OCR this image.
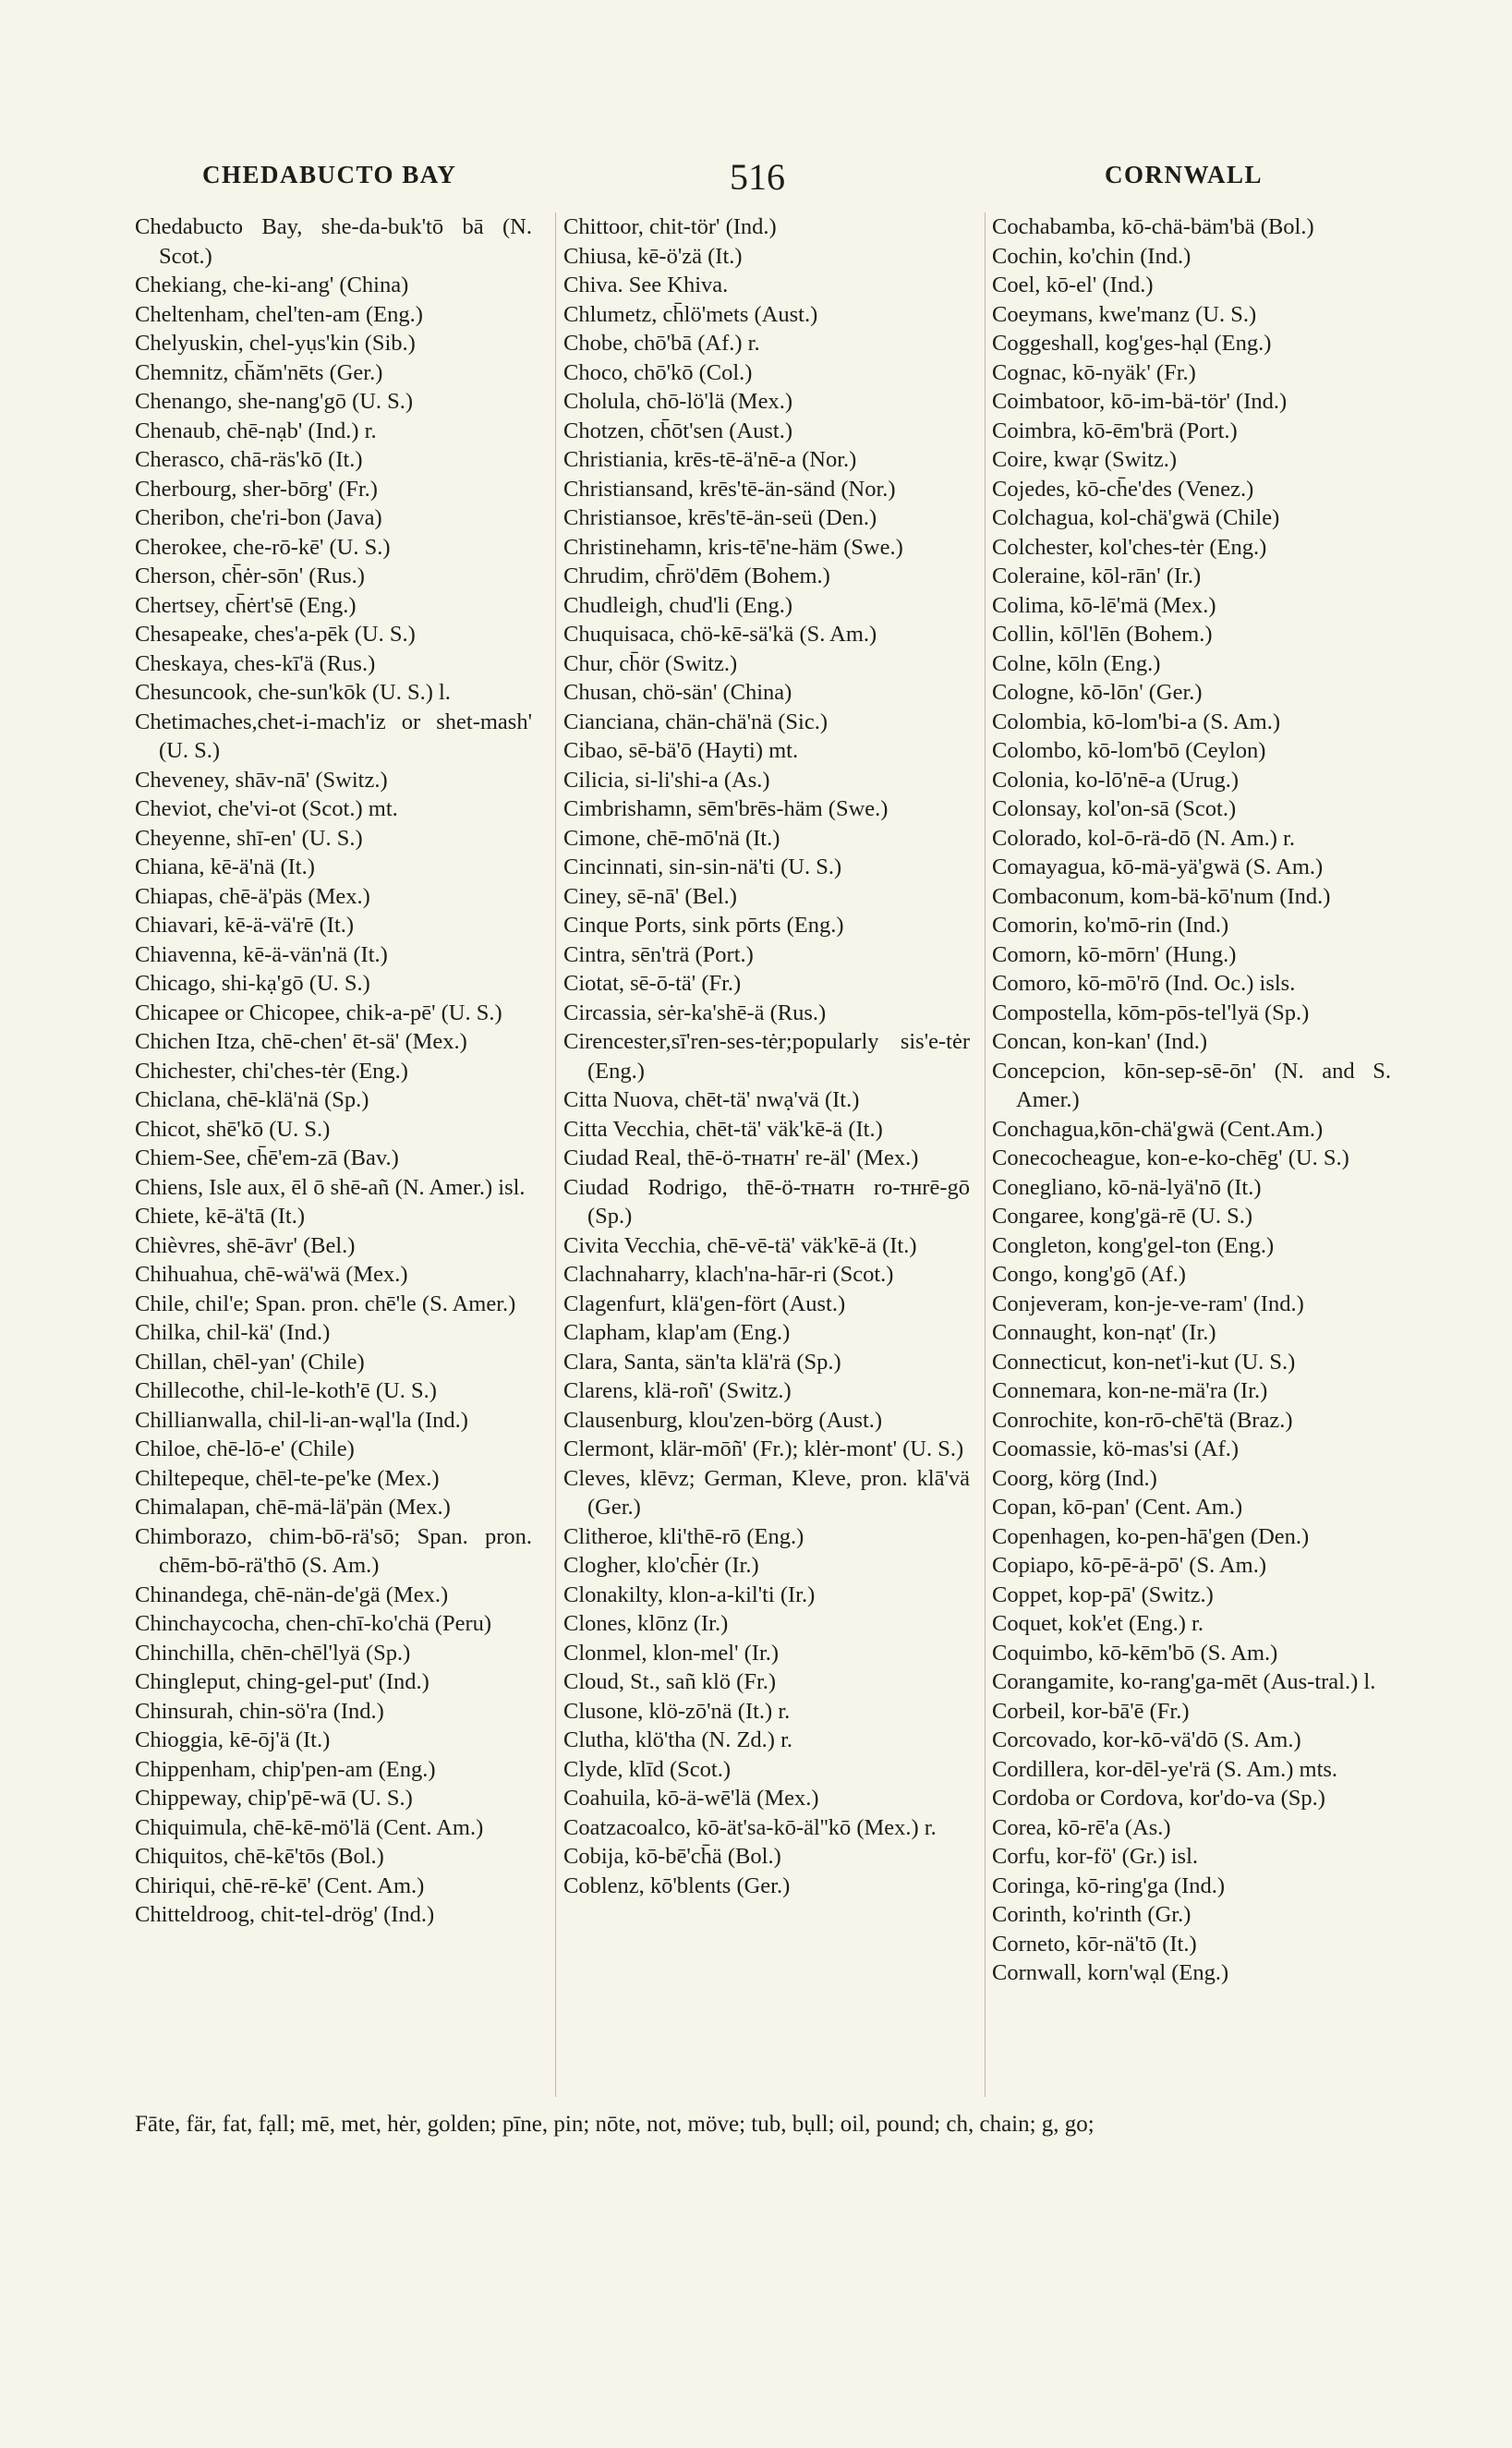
CHEDABUCTO BAY	516	CORNWALL
Chedabucto Bay, she-da-buk'tō bā (N. Scot.)
Chekiang, che-ki-ang' (China)
Cheltenham, chel'ten-am (Eng.)
Chelyuskin, chel-yụs'kin (Sib.)
Chemnitz, ch̄ăm'nēts (Ger.)
Chenango, she-nang'gō (U. S.)
Chenaub, chē-nạb' (Ind.) r.
Cherasco, chā-räs'kō (It.)
Cherbourg, sher-bōrg' (Fr.)
Cheribon, che'ri-bon (Java)
Cherokee, che-rō-kē' (U. S.)
Cherson, ch̄ėr-sōn' (Rus.)
Chertsey, ch̄ėrt'sē (Eng.)
Chesapeake, ches'a-pēk (U. S.)
Cheskaya, ches-kī'ä (Rus.)
Chesuncook, che-sun'kōk (U. S.) l.
Chetimaches,chet-i-mach'iz or shet-mash' (U. S.)
Cheveney, shāv-nā' (Switz.)
Cheviot, che'vi-ot (Scot.) mt.
Cheyenne, shī-en' (U. S.)
Chiana, kē-ä'nä (It.)
Chiapas, chē-ä'päs (Mex.)
Chiavari, kē-ä-vä'rē (It.)
Chiavenna, kē-ä-vän'nä (It.)
Chicago, shi-kạ'gō (U. S.)
Chicapee or Chicopee, chik-a-pē' (U. S.)
Chichen Itza, chē-chen' ēt-sä' (Mex.)
Chichester, chi'ches-tėr (Eng.)
Chiclana, chē-klä'nä (Sp.)
Chicot, shē'kō (U. S.)
Chiem-See, ch̄ē'em-zā (Bav.)
Chiens, Isle aux, ēl ō shē-añ (N. Amer.) isl.
Chiete, kē-ä'tā (It.)
Chièvres, shē-āvr' (Bel.)
Chihuahua, chē-wä'wä (Mex.)
Chile, chil'e; Span. pron. chē'le (S. Amer.)
Chilka, chil-kä' (Ind.)
Chillan, chēl-yan' (Chile)
Chillecothe, chil-le-koth'ē (U. S.)
Chillianwalla, chil-li-an-wạl'la (Ind.)
Chiloe, chē-lō-e' (Chile)
Chiltepeque, chēl-te-pe'ke (Mex.)
Chimalapan, chē-mä-lä'pän (Mex.)
Chimborazo, chim-bō-rä'sō; Span. pron. chēm-bō-rä'thō (S. Am.)
Chinandega, chē-nän-de'gä (Mex.)
Chinchaycocha, chen-chī-ko'chä (Peru)
Chinchilla, chēn-chēl'lyä (Sp.)
Chingleput, ching-gel-put' (Ind.)
Chinsurah, chin-sö'ra (Ind.)
Chioggia, kē-ōj'ä (It.)
Chippenham, chip'pen-am (Eng.)
Chippeway, chip'pē-wā (U. S.)
Chiquimula, chē-kē-mö'lä (Cent. Am.)
Chiquitos, chē-kē'tōs (Bol.)
Chiriqui, chē-rē-kē' (Cent. Am.)
Chitteldroog, chit-tel-drög' (Ind.)
Chittoor, chit-tör' (Ind.)
Chiusa, kē-ö'zä (It.)
Chiva. See Khiva.
Chlumetz, ch̄lö'mets (Aust.)
Chobe, chō'bā (Af.) r.
Choco, chō'kō (Col.)
Cholula, chō-lö'lä (Mex.)
Chotzen, ch̄ōt'sen (Aust.)
Christiania, krēs-tē-ä'nē-a (Nor.)
Christiansand, krēs'tē-än-sänd (Nor.)
Christiansoe, krēs'tē-än-seü (Den.)
Christinehamn, kris-tē'ne-häm (Swe.)
Chrudim, ch̄rö'dēm (Bohem.)
Chudleigh, chud'li (Eng.)
Chuquisaca, chö-kē-sä'kä (S. Am.)
Chur, ch̄ör (Switz.)
Chusan, chö-sän' (China)
Cianciana, chän-chä'nä (Sic.)
Cibao, sē-bä'ō (Hayti) mt.
Cilicia, si-li'shi-a (As.)
Cimbrishamn, sēm'brēs-häm (Swe.)
Cimone, chē-mō'nä (It.)
Cincinnati, sin-sin-nä'ti (U. S.)
Ciney, sē-nā' (Bel.)
Cinque Ports, sink pōrts (Eng.)
Cintra, sēn'trä (Port.)
Ciotat, sē-ō-tä' (Fr.)
Circassia, sėr-ka'shē-ä (Rus.)
Cirencester,sī'ren-ses-tėr;popularly sis'e-tėr (Eng.)
Citta Nuova, chēt-tä' nwạ'vä (It.)
Citta Vecchia, chēt-tä' väk'kē-ä (It.)
Ciudad Real, thē-ö-ᴛʜaᴛʜ' re-äl' (Mex.)
Ciudad Rodrigo, thē-ö-ᴛʜaᴛʜ ro-ᴛʜrē-gō (Sp.)
Civita Vecchia, chē-vē-tä' väk'kē-ä (It.)
Clachnaharry, klach'na-hār-ri (Scot.)
Clagenfurt, klä'gen-fört (Aust.)
Clapham, klap'am (Eng.)
Clara, Santa, sän'ta klä'rä (Sp.)
Clarens, klä-roñ' (Switz.)
Clausenburg, klou'zen-börg (Aust.)
Clermont, klär-mōñ' (Fr.); klėr-mont' (U. S.)
Cleves, klēvz; German, Kleve, pron. klā'vä (Ger.)
Clitheroe, kli'thē-rō (Eng.)
Clogher, klo'ch̄ėr (Ir.)
Clonakilty, klon-a-kil'ti (Ir.)
Clones, klōnz (Ir.)
Clonmel, klon-mel' (Ir.)
Cloud, St., sañ klö (Fr.)
Clusone, klö-zō'nä (It.) r.
Clutha, klö'tha (N. Zd.) r.
Clyde, klīd (Scot.)
Coahuila, kō-ä-wē'lä (Mex.)
Coatzacoalco, kō-ät'sa-kō-äl''kō (Mex.) r.
Cobija, kō-bē'ch̄ä (Bol.)
Coblenz, kō'blents (Ger.)
Cochabamba, kō-chä-bäm'bä (Bol.)
Cochin, ko'chin (Ind.)
Coel, kō-el' (Ind.)
Coeymans, kwe'manz (U. S.)
Coggeshall, kog'ges-hạl (Eng.)
Cognac, kō-nyäk' (Fr.)
Coimbatoor, kō-im-bä-tör' (Ind.)
Coimbra, kō-ēm'brä (Port.)
Coire, kwạr (Switz.)
Cojedes, kō-ch̄e'des (Venez.)
Colchagua, kol-chä'gwä (Chile)
Colchester, kol'ches-tėr (Eng.)
Coleraine, kōl-rān' (Ir.)
Colima, kō-lē'mä (Mex.)
Collin, kōl'lēn (Bohem.)
Colne, kōln (Eng.)
Cologne, kō-lōn' (Ger.)
Colombia, kō-lom'bi-a (S. Am.)
Colombo, kō-lom'bō (Ceylon)
Colonia, ko-lō'nē-a (Urug.)
Colonsay, kol'on-sā (Scot.)
Colorado, kol-ō-rä-dō (N. Am.) r.
Comayagua, kō-mä-yä'gwä (S. Am.)
Combaconum, kom-bä-kō'num (Ind.)
Comorin, ko'mō-rin (Ind.)
Comorn, kō-mōrn' (Hung.)
Comoro, kō-mō'rō (Ind. Oc.) isls.
Compostella, kōm-pōs-tel'lyä (Sp.)
Concan, kon-kan' (Ind.)
Concepcion, kōn-sep-sē-ōn' (N. and S. Amer.)
Conchagua,kōn-chä'gwä (Cent.Am.)
Conecocheague, kon-e-ko-chēg' (U. S.)
Conegliano, kō-nä-lyä'nō (It.)
Congaree, kong'gä-rē (U. S.)
Congleton, kong'gel-ton (Eng.)
Congo, kong'gō (Af.)
Conjeveram, kon-je-ve-ram' (Ind.)
Connaught, kon-nạt' (Ir.)
Connecticut, kon-net'i-kut (U. S.)
Connemara, kon-ne-mä'ra (Ir.)
Conrochite, kon-rō-chē'tä (Braz.)
Coomassie, kö-mas'si (Af.)
Coorg, körg (Ind.)
Copan, kō-pan' (Cent. Am.)
Copenhagen, ko-pen-hā'gen (Den.)
Copiapo, kō-pē-ä-pō' (S. Am.)
Coppet, kop-pā' (Switz.)
Coquet, kok'et (Eng.) r.
Coquimbo, kō-kēm'bō (S. Am.)
Corangamite, ko-rang'ga-mēt (Aus-tral.) l.
Corbeil, kor-bā'ē (Fr.)
Corcovado, kor-kō-vä'dō (S. Am.)
Cordillera, kor-dēl-ye'rä (S. Am.) mts.
Cordoba or Cordova, kor'do-va (Sp.)
Corea, kō-rē'a (As.)
Corfu, kor-fö' (Gr.) isl.
Coringa, kō-ring'ga (Ind.)
Corinth, ko'rinth (Gr.)
Corneto, kōr-nä'tō (It.)
Cornwall, korn'wạl (Eng.)
Fāte, fär, fat, fạll; mē, met, hėr, golden; pīne, pin; nōte, not, möve; tub, bụll; oil, pound; ch, chain; g, go;
